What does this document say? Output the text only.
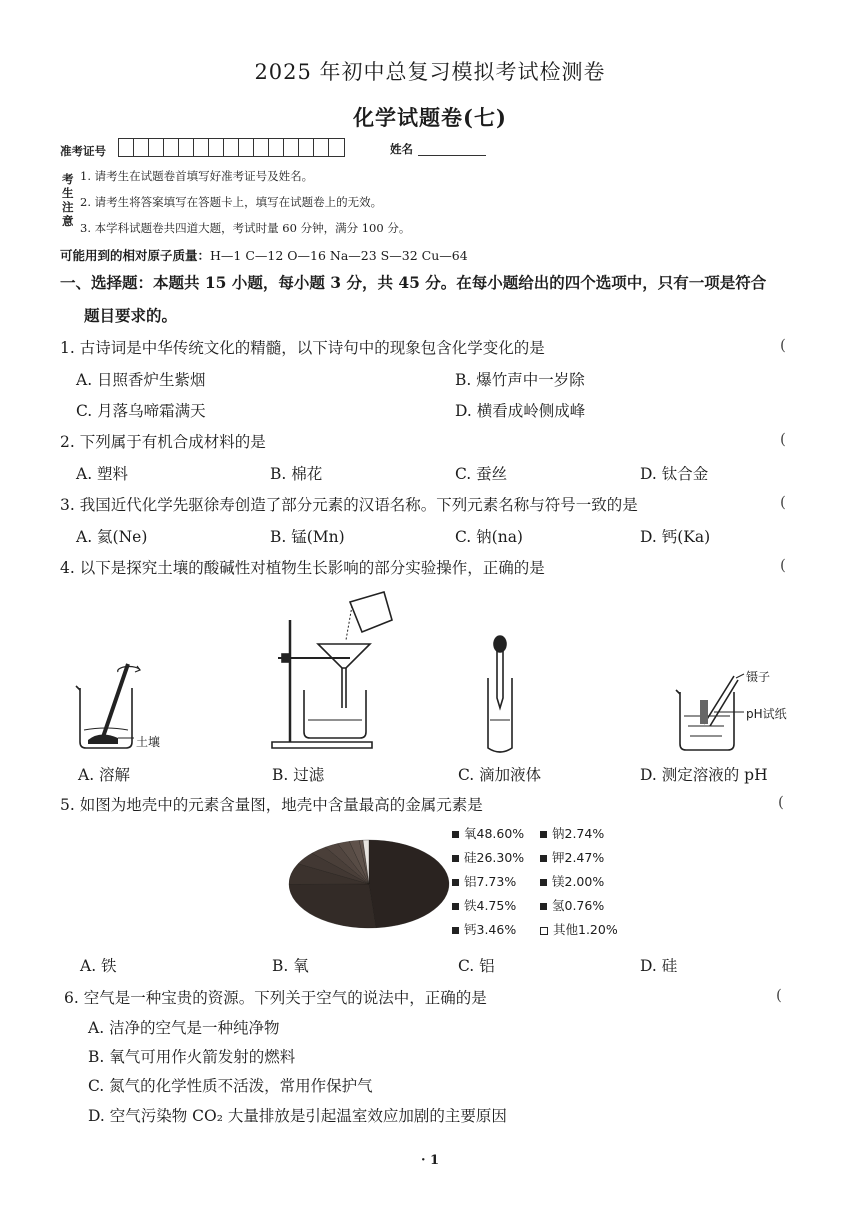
2025 年初中总复习模拟考试检测卷
化学试题卷(七)
准考证号	姓名
考
生
注
意
1. 请考生在试题卷首填写好准考证号及姓名。
2. 请考生将答案填写在答题卡上，填写在试题卷上的无效。
3. 本学科试题卷共四道大题，考试时量 60 分钟，满分 100 分。
可能用到的相对原子质量：H—1 C—12 O—16 Na—23 S—32 Cu—64
一、选择题：本题共 15 小题，每小题 3 分，共 45 分。在每小题给出的四个选项中，只有一项是符合
题目要求的。
1. 古诗词是中华传统文化的精髓，以下诗句中的现象包含化学变化的是	(
A. 日照香炉生紫烟	B. 爆竹声中一岁除
C. 月落乌啼霜满天	D. 横看成岭侧成峰
2. 下列属于有机合成材料的是	(
A. 塑料	B. 棉花	C. 蚕丝	D. 钛合金
3. 我国近代化学先驱徐寿创造了部分元素的汉语名称。下列元素名称与符号一致的是	(
A. 氦(Ne)	B. 锰(Mn)	C. 钠(na)	D. 钙(Ka)
4. 以下是探究土壤的酸碱性对植物生长影响的部分实验操作，正确的是	(
土壤
镊子
pH试纸
A. 溶解	B. 过滤	C. 滴加液体	D. 测定溶液的 pH
5. 如图为地壳中的元素含量图，地壳中含量最高的金属元素是	(
氧48.60%
硅26.30%
铝7.73%
铁4.75%
钙3.46%
钠2.74%
钾2.47%
镁2.00%
氢0.76%
其他1.20%
A. 铁	B. 氧	C. 铝	D. 硅
6. 空气是一种宝贵的资源。下列关于空气的说法中，正确的是	(
A. 洁净的空气是一种纯净物
B. 氧气可用作火箭发射的燃料
C. 氮气的化学性质不活泼，常用作保护气
D. 空气污染物 CO₂ 大量排放是引起温室效应加剧的主要原因
· 1
